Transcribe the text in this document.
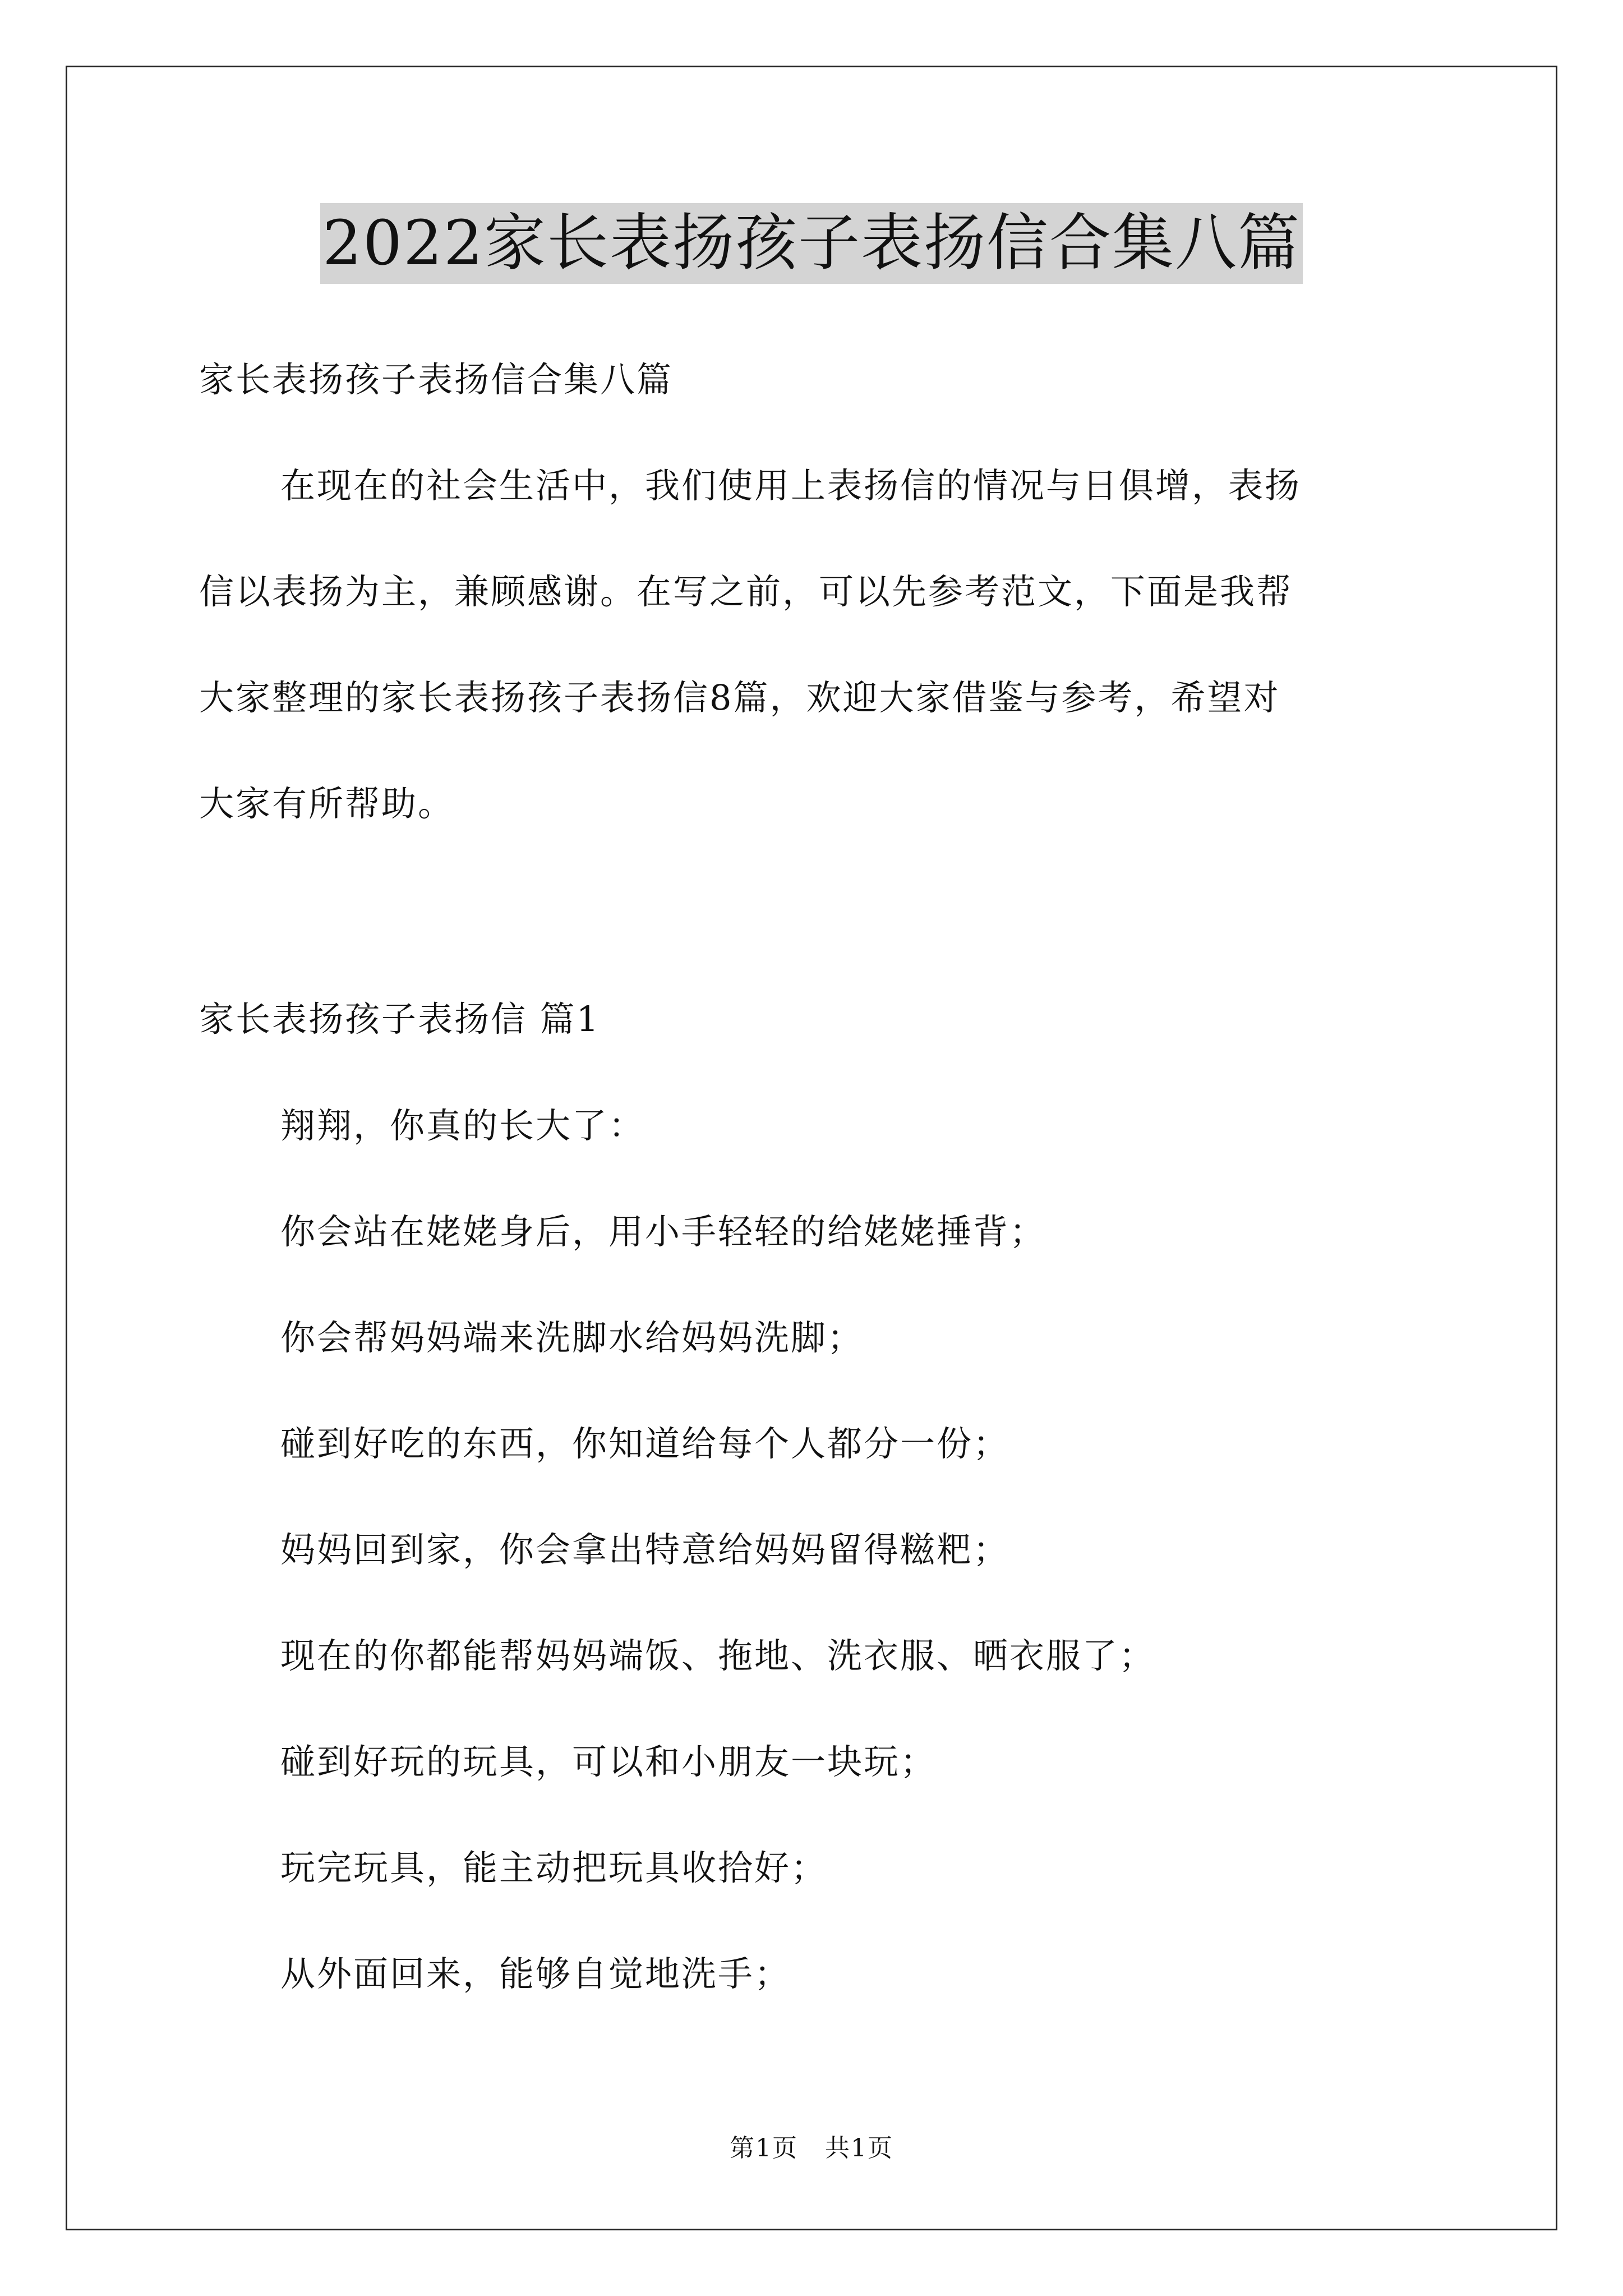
2022家长表扬孩子表扬信合集八篇
家长表扬孩子表扬信合集八篇
在现在的社会生活中，我们使用上表扬信的情况与日俱增，表扬
信以表扬为主，兼顾感谢。在写之前，可以先参考范文，下面是我帮
大家整理的家长表扬孩子表扬信8篇，欢迎大家借鉴与参考，希望对
大家有所帮助。
家长表扬孩子表扬信 篇1
翔翔，你真的长大了：
你会站在姥姥身后，用小手轻轻的给姥姥捶背；
你会帮妈妈端来洗脚水给妈妈洗脚；
碰到好吃的东西，你知道给每个人都分一份；
妈妈回到家，你会拿出特意给妈妈留得糍粑；
现在的你都能帮妈妈端饭、拖地、洗衣服、晒衣服了；
碰到好玩的玩具，可以和小朋友一块玩；
玩完玩具，能主动把玩具收拾好；
从外面回来，能够自觉地洗手；
第1页   共1页
